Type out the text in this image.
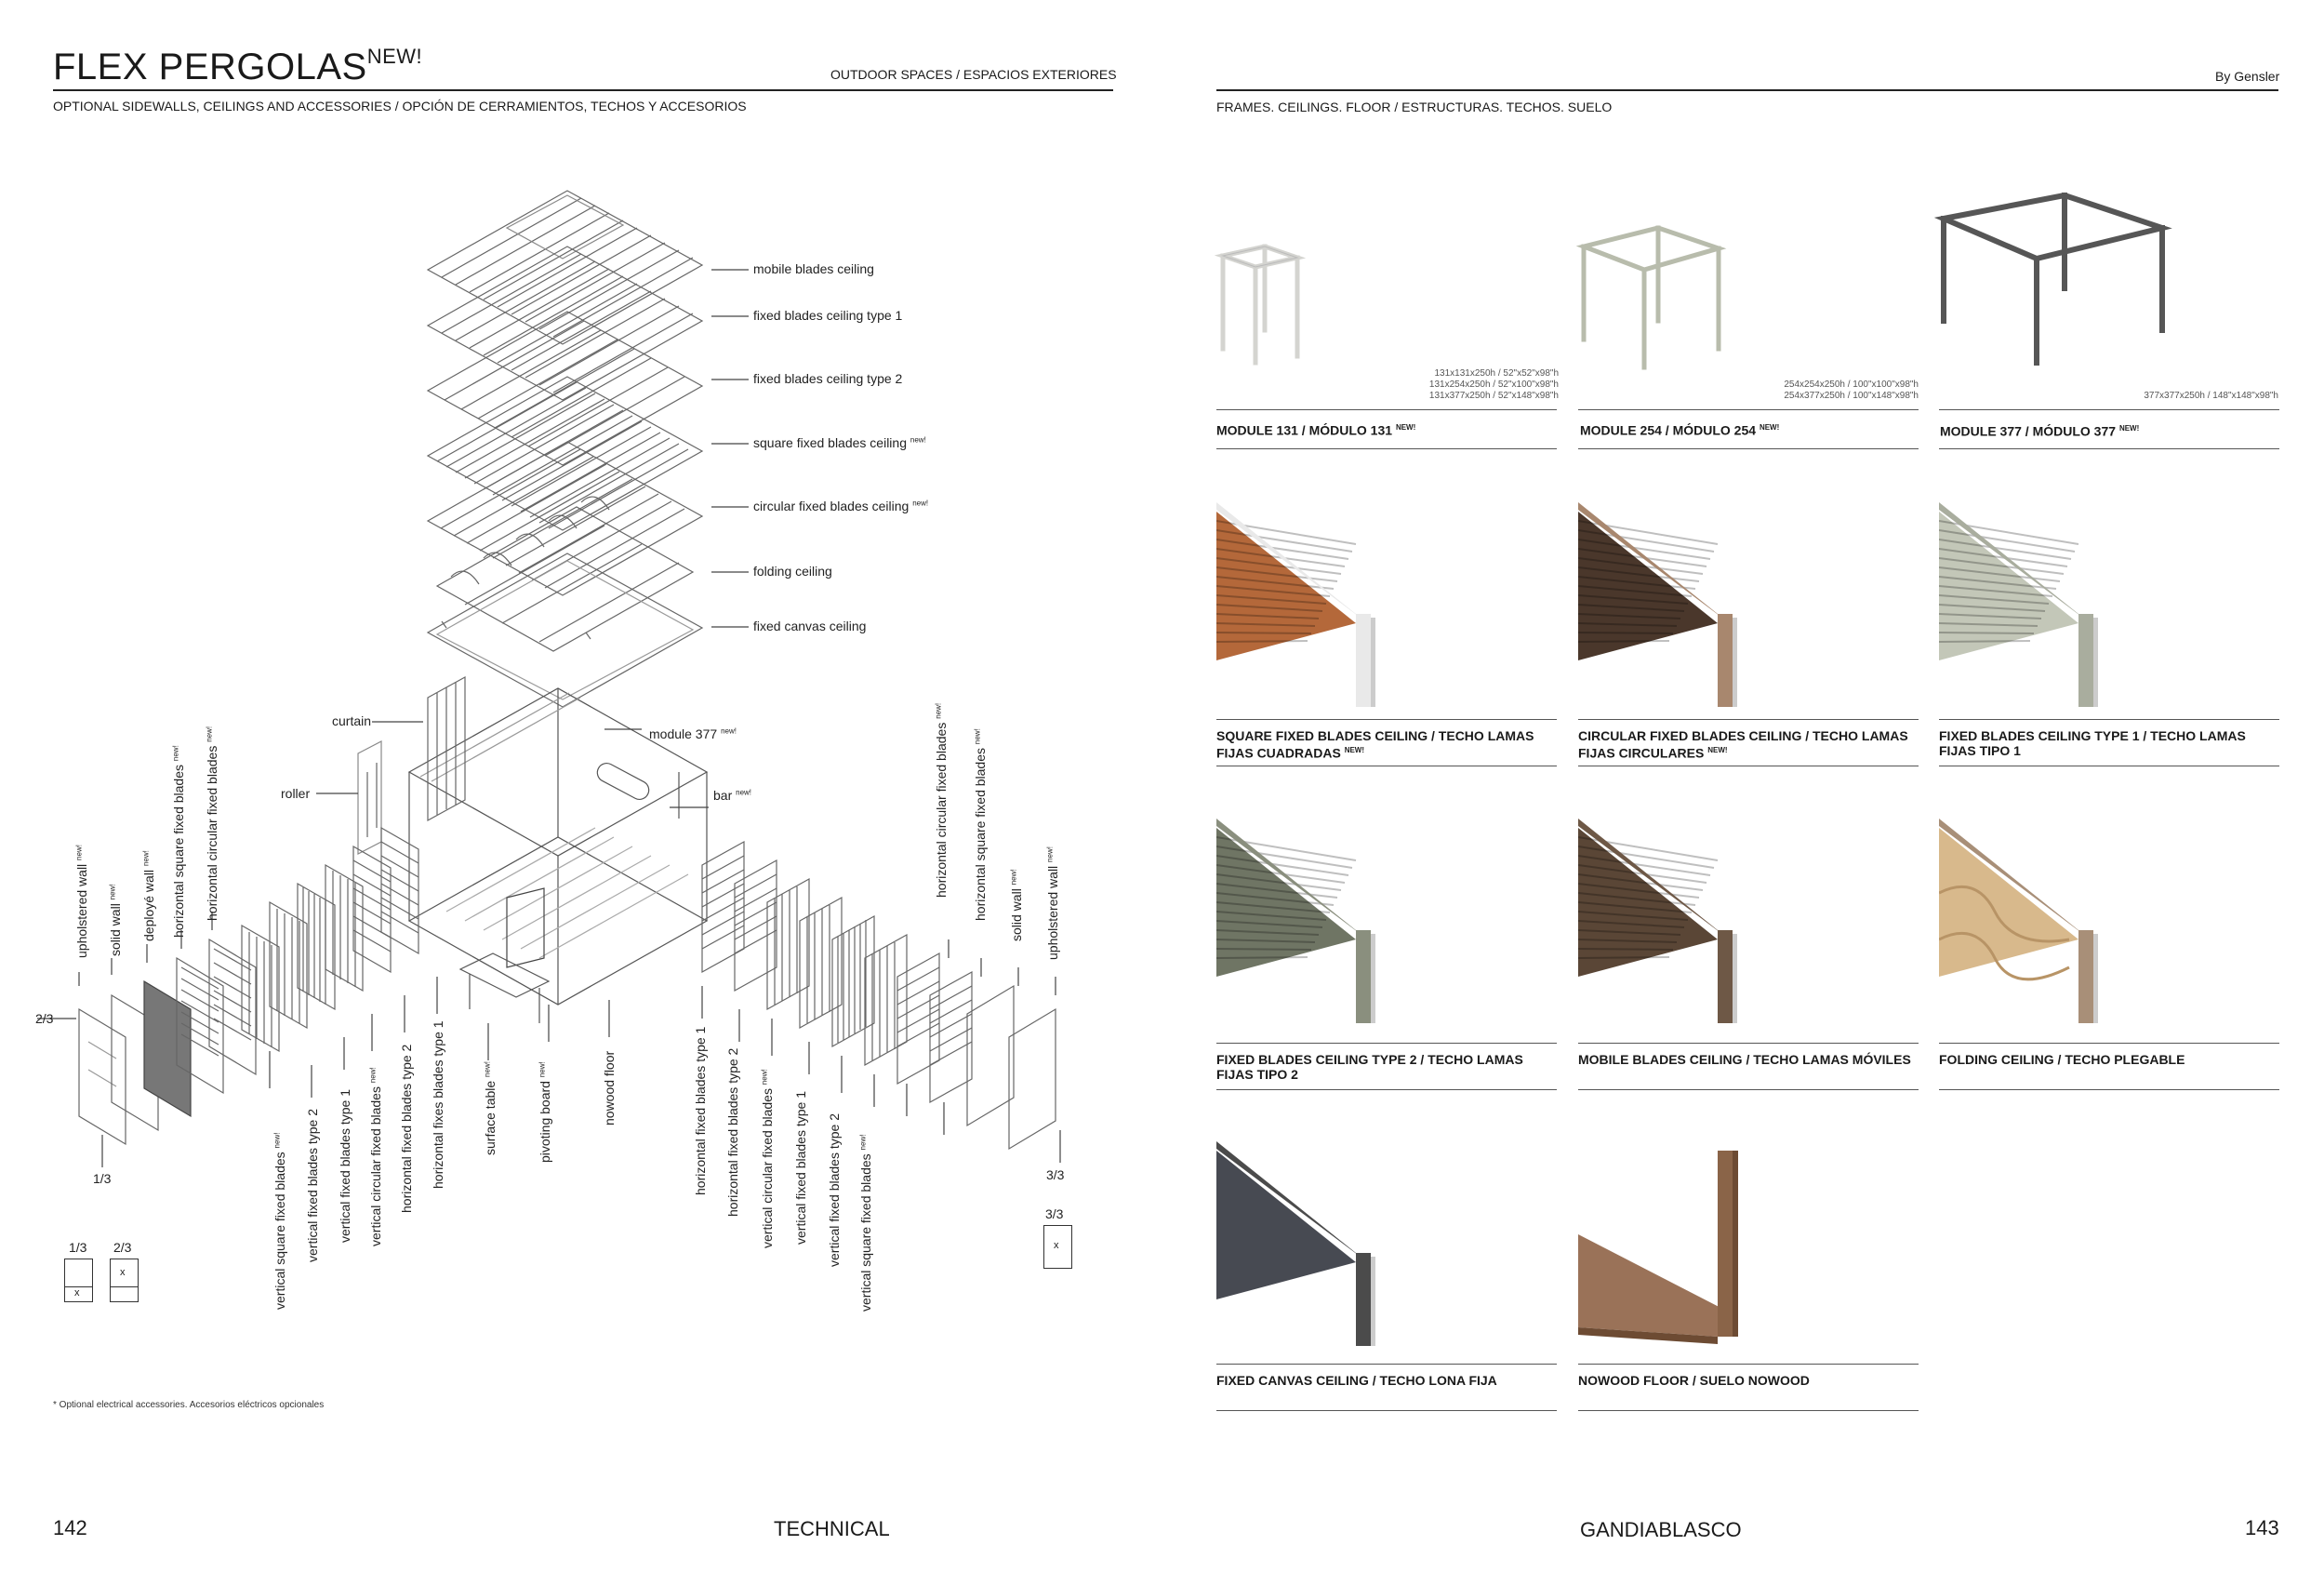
FLEX $PERGOLAS^{NEW!}$
OUTDOOR SPACES / ESPACIOS EXTERIORES
OPTIONAL SIDEWALLS, CEILINGS AND ACCESSORIES / OPCIÓN DE CERRAMIENTOS, TECHOS Y ACCESORIOS
mobile blades ceiling
fixed blades ceiling type 1
fixed blades ceiling type 2
square fixed blades ceiling $^{new!}$
circular fixed blades ceiling $^{new!}$
folding ceiling
fixed canvas ceiling
curtain
roller
module 377 $^{new!}$
bar $^{new!}$
upholstered wall $^{new!}$
solid wall $^{new!}$	deployé wall $^{new!}$	horizontal square fixed blades $^{new!}$	horizontal circular fixed blades $^{new!}$
vertical square fixed blades $^{new!}$	vertical fixed blades type 2 vertical fixed blades type 1 vertical circular fixed blades $^{new!}$	horizontal fixed blades type 2 horizontal fixes blades type 1	surface table $^{new!}$
pivoting board $^{new!}$	nowood floor	horizontal fixed blades type 1 horizontal fixed blades type 2 vertical circular fixed blades $^{new!}$
vertical fixed blades type 1 vertical fixed blades type 2 vertical square fixed blades $^{new!}$
horizontal circular fixed blades $^{new!}$
horizontal square fixed blades $^{new!}$
solid wall $^{new!}$	upholstered wall $^{new!}$
2/3
1/3	3/3
1/3 2/3
3/3
x
x
x
* Optional electrical accessories. Accesorios eléctricos opcionales
142	TECHNICAL
By Gensler
FRAMES. CEILINGS. FLOOR / ESTRUCTURAS. TECHOS. SUELO
131x131x250h / 52"x52"x98"h
131x254x250h / 52"x100"x98"h
131x377x250h / 52"x148"x98"h
254x254x250h / 100"x100"x98"h
254x377x250h / 100"x148"x98"h	377x377x250h / 148"x148"x98"h
MODULE 131 / MÓDULO 131 $^{NEW!}$	MODULE 254 / MÓDULO 254 $^{NEW!}$	MODULE 377 / MÓDULO 377 $^{NEW!}$
SQUARE FIXED BLADES CEILING / TECHO LAMAS FIJAS CUADRADAS $^{NEW!}$
CIRCULAR FIXED BLADES CEILING / TECHO LAMAS FIJAS CIRCULARES $^{NEW!}$
FIXED BLADES CEILING TYPE 1 / TECHO LAMAS FIJAS TIPO 1
FIXED BLADES CEILING TYPE 2 / TECHO LAMAS FIJAS TIPO 2
MOBILE BLADES CEILING / TECHO LAMAS MÓVILES	FOLDING CEILING / TECHO PLEGABLE
FIXED CANVAS CEILING / TECHO LONA FIJA	NOWOOD FLOOR / SUELO NOWOOD
GANDIABLASCO	143
